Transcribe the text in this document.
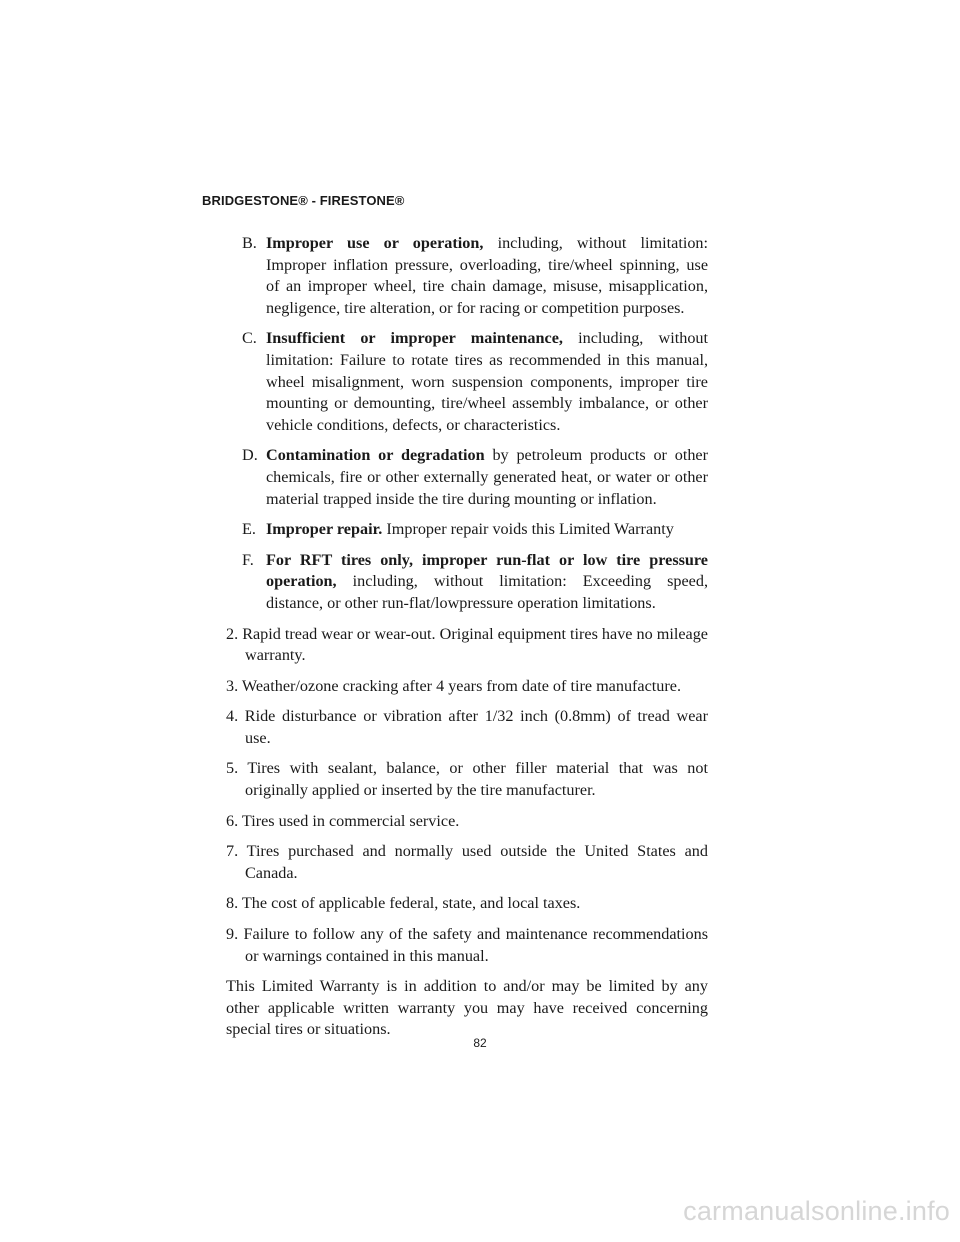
BRIDGESTONE® - FIRESTONE®
B. Improper use or operation, including, without limitation: Improper inflation pressure, overloading, tire/wheel spinning, use of an improper wheel, tire chain damage, misuse, misapplication, negligence, tire alteration, or for racing or competition purposes.
C. Insufficient or improper maintenance, including, without limitation: Failure to rotate tires as recommended in this manual, wheel misalignment, worn suspension components, improper tire mounting or demounting, tire/wheel assembly imbalance, or other vehicle conditions, defects, or characteristics.
D. Contamination or degradation by petroleum products or other chemicals, fire or other externally generated heat, or water or other material trapped inside the tire during mounting or inflation.
E. Improper repair. Improper repair voids this Limited Warranty
F. For RFT tires only, improper run-flat or low tire pressure operation, including, without limitation: Exceeding speed, distance, or other run-flat/lowpressure operation limitations.
2. Rapid tread wear or wear-out. Original equipment tires have no mileage warranty.
3. Weather/ozone cracking after 4 years from date of tire manufacture.
4. Ride disturbance or vibration after 1/32 inch (0.8mm) of tread wear use.
5. Tires with sealant, balance, or other filler material that was not originally applied or inserted by the tire manufacturer.
6. Tires used in commercial service.
7. Tires purchased and normally used outside the United States and Canada.
8. The cost of applicable federal, state, and local taxes.
9. Failure to follow any of the safety and maintenance recommendations or warnings contained in this manual.
This Limited Warranty is in addition to and/or may be limited by any other applicable written warranty you may have received concerning special tires or situations.
82
carmanualsonline.info
